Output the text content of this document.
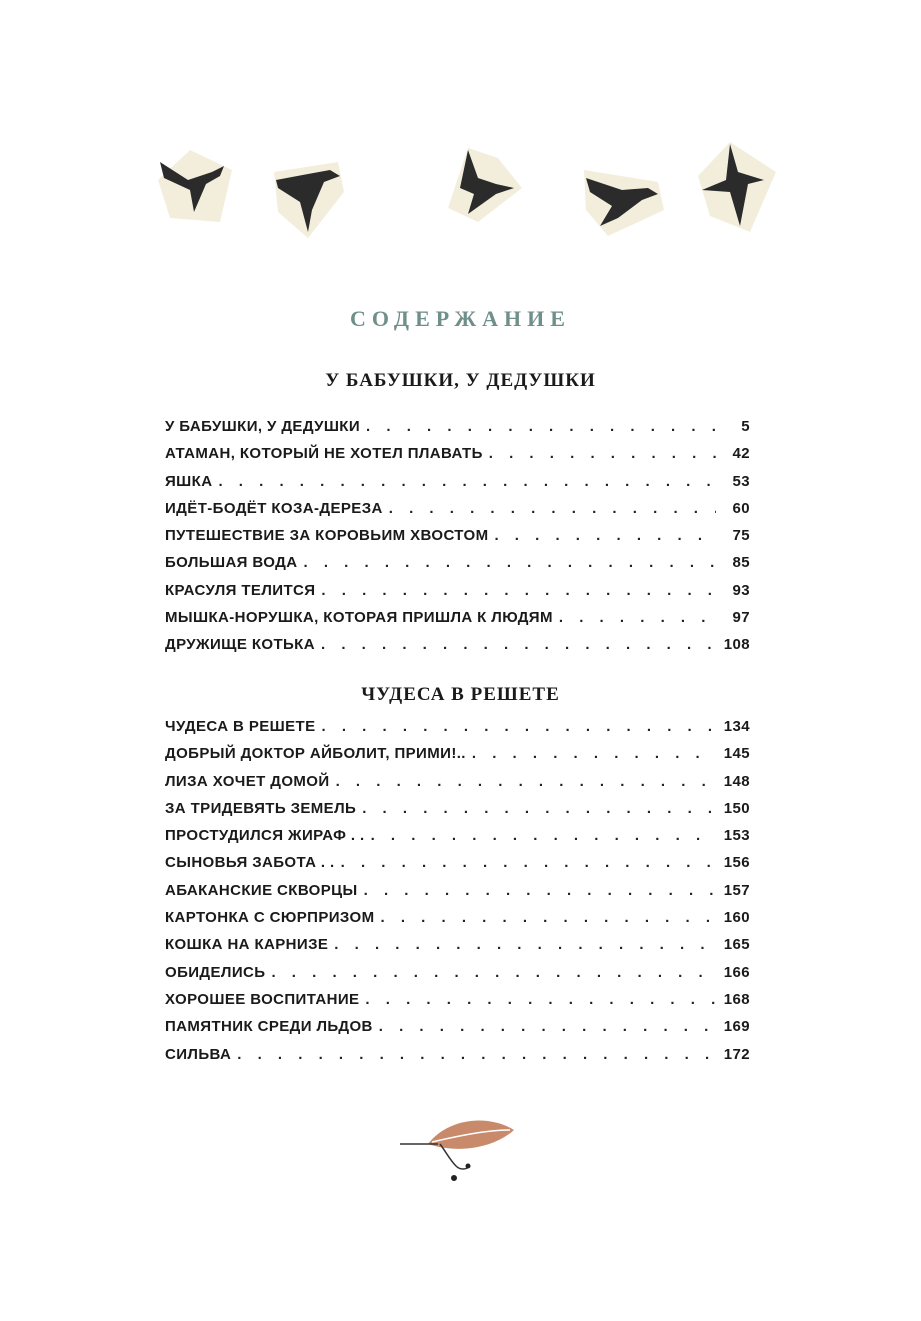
СОДЕРЖАНИЕ
У БАБУШКИ, У ДЕДУШКИ
У БАБУШКИ, У ДЕДУШКИ . . .	5
АТАМАН, КОТОРЫЙ НЕ ХОТЕЛ ПЛАВАТЬ . . .	42
ЯШКА . . .	53
ИДЁТ-БОДЁТ КОЗА-ДЕРЕЗА . . .	60
ПУТЕШЕСТВИЕ ЗА КОРОВЬИМ ХВОСТОМ . . .	75
БОЛЬШАЯ ВОДА . . .	85
КРАСУЛЯ ТЕЛИТСЯ . . .	93
МЫШКА-НОРУШКА, КОТОРАЯ ПРИШЛА К ЛЮДЯМ . . .	97
ДРУЖИЩЕ КОТЬКА . . .	108
ЧУДЕСА В РЕШЕТЕ
ЧУДЕСА В РЕШЕТЕ . . .	134
ДОБРЫЙ ДОКТОР АЙБОЛИТ, ПРИМИ!.. . . .	145
ЛИЗА ХОЧЕТ ДОМОЙ . . .	148
ЗА ТРИДЕВЯТЬ ЗЕМЕЛЬ . . .	150
ПРОСТУДИЛСЯ ЖИРАФ . . . . .	153
СЫНОВЬЯ ЗАБОТА . . . . .	156
АБАКАНСКИЕ СКВОРЦЫ . . .	157
КАРТОНКА С СЮРПРИЗОМ . . .	160
КОШКА НА КАРНИЗЕ . . .	165
ОБИДЕЛИСЬ . . .	166
ХОРОШЕЕ ВОСПИТАНИЕ . . .	168
ПАМЯТНИК СРЕДИ ЛЬДОВ . . .	169
СИЛЬВА . . .	172
